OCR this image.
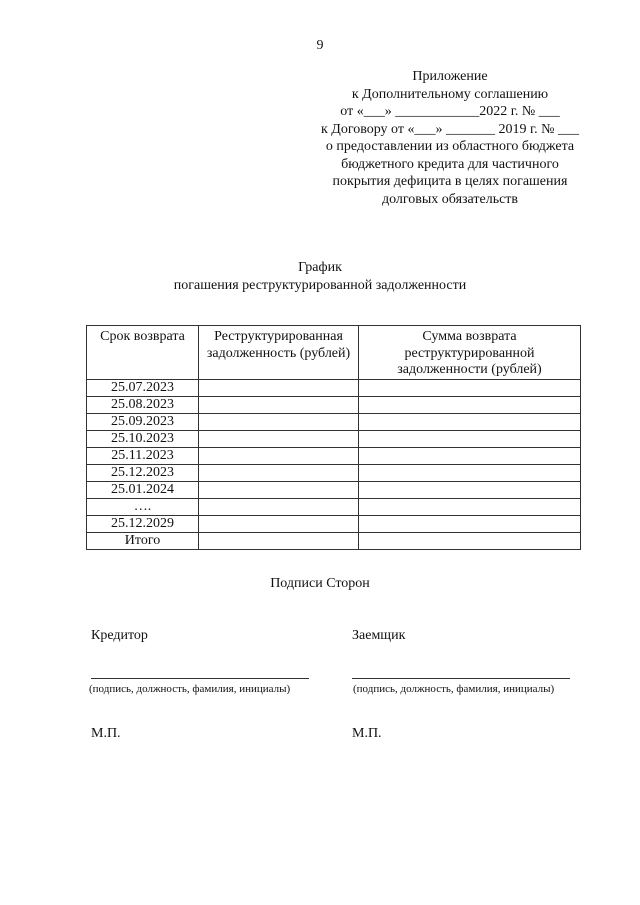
9
Приложение
к Дополнительному соглашению
от «___» ____________2022 г. № ___
к Договору от «___» _______ 2019 г. № ___
о предоставлении из областного бюджета
бюджетного кредита для частичного
покрытия дефицита в целях погашения
долговых обязательств
График
погашения реструктурированной задолженности
Срок возврата	Реструктурированная задолженность (рублей)	Сумма возврата реструктурированной задолженности (рублей)
25.07.2023		
25.08.2023		
25.09.2023		
25.10.2023		
25.11.2023		
25.12.2023		
25.01.2024		
….		
25.12.2029		
Итого		
Подписи Сторон
Кредитор	Заемщик
(подпись, должность, фамилия, инициалы)	(подпись, должность, фамилия, инициалы)
М.П.	М.П.
